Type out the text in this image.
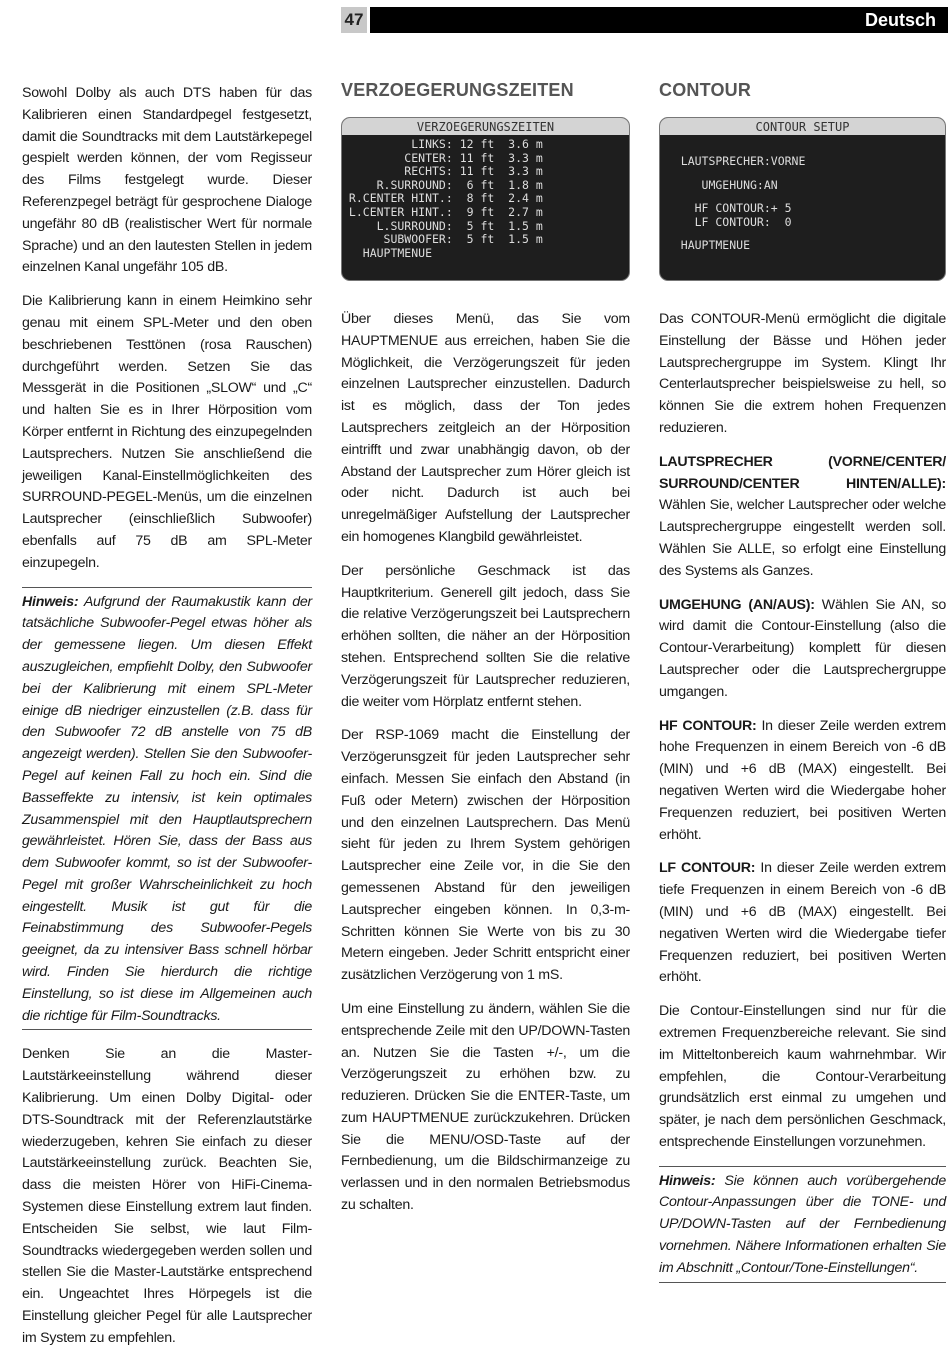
47	Deutsch

Sowohl Dolby als auch DTS haben für das Kalibrieren einen Standardpegel festgesetzt, damit die Soundtracks mit dem Lautstärkepegel gespielt werden können, der vom Regisseur des Films festgelegt wurde. Dieser Referenzpegel beträgt für gesprochene Dialoge ungefähr 80 dB (realistischer Wert für normale Sprache) und an den lautesten Stellen in jedem einzelnen Kanal ungefähr 105 dB.

Die Kalibrierung kann in einem Heimkino sehr genau mit einem SPL-Meter und den oben beschriebenen Testtönen (rosa Rauschen) durchgeführt werden. Setzen Sie das Messgerät in die Positionen „SLOW“ und „C“ und halten Sie es in Ihrer Hörposition vom Körper entfernt in Richtung des einzupegelnden Lautsprechers. Nutzen Sie anschließend die jeweiligen Kanal-Einstellmöglichkeiten des SURROUND-PEGEL-Menüs, um die einzelnen Lautsprecher (einschließlich Subwoofer) ebenfalls auf 75 dB am SPL-Meter einzupegeln.

Hinweis: Aufgrund der Raumakustik kann der tatsächliche Subwoofer-Pegel etwas höher als der gemessene liegen. Um diesen Effekt auszugleichen, empfiehlt Dolby, den Subwoofer bei der Kalibrierung mit einem SPL-Meter einige dB niedriger einzustellen (z.B. dass für den Subwoofer 72 dB anstelle von 75 dB angezeigt werden). Stellen Sie den Subwoofer-Pegel auf keinen Fall zu hoch ein. Sind die Basseffekte zu intensiv, ist kein optimales Zusammenspiel mit den Hauptlautsprechern gewährleistet. Hören Sie, dass der Bass aus dem Subwoofer kommt, so ist der Subwoofer-Pegel mit großer Wahrscheinlichkeit zu hoch eingestellt. Musik ist gut für die Feinabstimmung des Subwoofer-Pegels geeignet, da zu intensiver Bass schnell hörbar wird. Finden Sie hierdurch die richtige Einstellung, so ist diese im Allgemeinen auch die richtige für Film-Soundtracks.

Denken Sie an die Master-Lautstärkeeinstellung während dieser Kalibrierung. Um einen Dolby Digital- oder DTS-Soundtrack mit der Referenzlautstärke wiederzugeben, kehren Sie einfach zu dieser Lautstärkeeinstellung zurück. Beachten Sie, dass die meisten Hörer von HiFi-Cinema-Systemen diese Einstellung extrem laut finden. Entscheiden Sie selbst, wie laut Film-Soundtracks wiedergegeben werden sollen und stellen Sie die Master-Lautstärke entsprechend ein. Ungeachtet Ihres Hörpegels ist die Einstellung gleicher Pegel für alle Lautsprecher im System zu empfehlen.

VERZOEGERUNGSZEITEN
VERZOEGERUNGSZEITEN
LINKS: 12 ft  3.6 m
CENTER: 11 ft  3.3 m
RECHTS: 11 ft  3.3 m
R.SURROUND:  6 ft  1.8 m
R.CENTER HINT.:  8 ft  2.4 m
L.CENTER HINT.:  9 ft  2.7 m
L.SURROUND:  5 ft  1.5 m
SUBWOOFER:  5 ft  1.5 m
HAUPTMENUE

Über dieses Menü, das Sie vom HAUPTMENUE aus erreichen, haben Sie die Möglichkeit, die Verzögerungszeit für jeden einzelnen Lautsprecher einzustellen. Dadurch ist es möglich, dass der Ton jedes Lautsprechers zeitgleich an der Hörposition eintrifft und zwar unabhängig davon, ob der Abstand der Lautsprecher zum Hörer gleich ist oder nicht. Dadurch ist auch bei unregelmäßiger Aufstellung der Lautsprecher ein homogenes Klangbild gewährleistet.

Der persönliche Geschmack ist das Hauptkriterium. Generell gilt jedoch, dass Sie die relative Verzögerungszeit bei Lautsprechern erhöhen sollten, die näher an der Hörposition stehen. Entsprechend sollten Sie die relative Verzögerungszeit für Lautsprecher reduzieren, die weiter vom Hörplatz entfernt stehen.

Der RSP-1069 macht die Einstellung der Verzögerunsgzeit für jeden Lautsprecher sehr einfach. Messen Sie einfach den Abstand (in Fuß oder Metern) zwischen der Hörposition und den einzelnen Lautsprechern. Das Menü sieht für jeden zu Ihrem System gehörigen Lautsprecher eine Zeile vor, in die Sie den gemessenen Abstand für den jeweiligen Lautsprecher eingeben können. In 0,3-m-Schritten können Sie Werte von bis zu 30 Metern eingeben. Jeder Schritt entspricht einer zusätzlichen Verzögerung von 1 mS.

Um eine Einstellung zu ändern, wählen Sie die entsprechende Zeile mit den UP/DOWN-Tasten an. Nutzen Sie die Tasten +/-, um die Verzögerungszeit zu erhöhen bzw. zu reduzieren. Drücken Sie die ENTER-Taste, um zum HAUPTMENUE zurückzukehren. Drücken Sie die MENU/OSD-Taste auf der Fernbedienung, um die Bildschirmanzeige zu verlassen und in den normalen Betriebsmodus zu schalten.

CONTOUR
CONTOUR SETUP
LAUTSPRECHER:VORNE
UMGEHUNG:AN
HF CONTOUR:+ 5
LF CONTOUR:  0
HAUPTMENUE

Das CONTOUR-Menü ermöglicht die digitale Einstellung der Bässe und Höhen jeder Lautsprechergruppe im System. Klingt Ihr Centerlautsprecher beispielsweise zu hell, so können Sie die extrem hohen Frequenzen reduzieren.

LAUTSPRECHER (VORNE/CENTER/ SURROUND/CENTER HINTEN/ALLE): Wählen Sie, welcher Lautsprecher oder welche Lautsprechergruppe eingestellt werden soll. Wählen Sie ALLE, so erfolgt eine Einstellung des Systems als Ganzes.

UMGEHUNG (AN/AUS): Wählen Sie AN, so wird damit die Contour-Einstellung (also die Contour-Verarbeitung) komplett für diesen Lautsprecher oder die Lautsprechergruppe umgangen.

HF CONTOUR: In dieser Zeile werden extrem hohe Frequenzen in einem Bereich von -6 dB (MIN) und +6 dB (MAX) eingestellt. Bei negativen Werten wird die Wiedergabe hoher Frequenzen reduziert, bei positiven Werten erhöht.

LF CONTOUR: In dieser Zeile werden extrem tiefe Frequenzen in einem Bereich von -6 dB (MIN) und +6 dB (MAX) eingestellt. Bei negativen Werten wird die Wiedergabe tiefer Frequenzen reduziert, bei positiven Werten erhöht.

Die Contour-Einstellungen sind nur für die extremen Frequenzbereiche relevant. Sie sind im Mitteltonbereich kaum wahrnehmbar. Wir empfehlen, die Contour-Verarbeitung grundsätzlich erst einmal zu umgehen und später, je nach dem persönlichen Geschmack, entsprechende Einstellungen vorzunehmen.

Hinweis: Sie können auch vorübergehende Contour-Anpassungen über die TONE- und UP/DOWN-Tasten auf der Fernbedienung vornehmen. Nähere Informationen erhalten Sie im Abschnitt „Contour/Tone-Einstellungen“.
